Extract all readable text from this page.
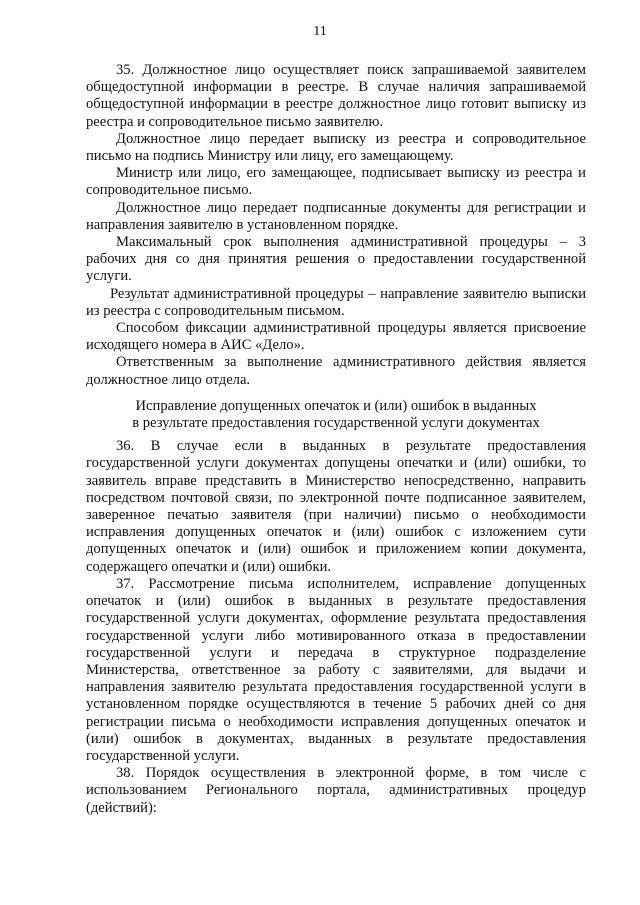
11

35. Должностное лицо осуществляет поиск запрашиваемой заявителем общедоступной информации в реестре. В случае наличия запрашиваемой общедоступной информации в реестре должностное лицо готовит выписку из реестра и сопроводительное письмо заявителю.

Должностное лицо передает выписку из реестра и сопроводительное письмо на подпись Министру или лицу, его замещающему.

Министр или лицо, его замещающее, подписывает выписку из реестра и сопроводительное письмо.

Должностное лицо передает подписанные документы для регистрации и направления заявителю в установленном порядке.

Максимальный срок выполнения административной процедуры – 3 рабочих дня со дня принятия решения о предоставлении государственной услуги.

Результат административной процедуры – направление заявителю выписки из реестра с сопроводительным письмом.

Способом фиксации административной процедуры является присвоение исходящего номера в АИС «Дело».

Ответственным за выполнение административного действия является должностное лицо отдела.

Исправление допущенных опечаток и (или) ошибок в выданных
в результате предоставления государственной услуги документах

36. В случае если в выданных в результате предоставления государственной услуги документах допущены опечатки и (или) ошибки, то заявитель вправе представить в Министерство непосредственно, направить посредством почтовой связи, по электронной почте подписанное заявителем, заверенное печатью заявителя (при наличии) письмо о необходимости исправления допущенных опечаток и (или) ошибок с изложением сути допущенных опечаток и (или) ошибок и приложением копии документа, содержащего опечатки и (или) ошибки.

37. Рассмотрение письма исполнителем, исправление допущенных опечаток и (или) ошибок в выданных в результате предоставления государственной услуги документах, оформление результата предоставления государственной услуги либо мотивированного отказа в предоставлении государственной услуги и передача в структурное подразделение Министерства, ответственное за работу с заявителями, для выдачи и направления заявителю результата предоставления государственной услуги в установленном порядке осуществляются в течение 5 рабочих дней со дня регистрации письма о необходимости исправления допущенных опечаток и (или) ошибок в документах, выданных в результате предоставления государственной услуги.

38. Порядок осуществления в электронной форме, в том числе с использованием Регионального портала, административных процедур (действий):
